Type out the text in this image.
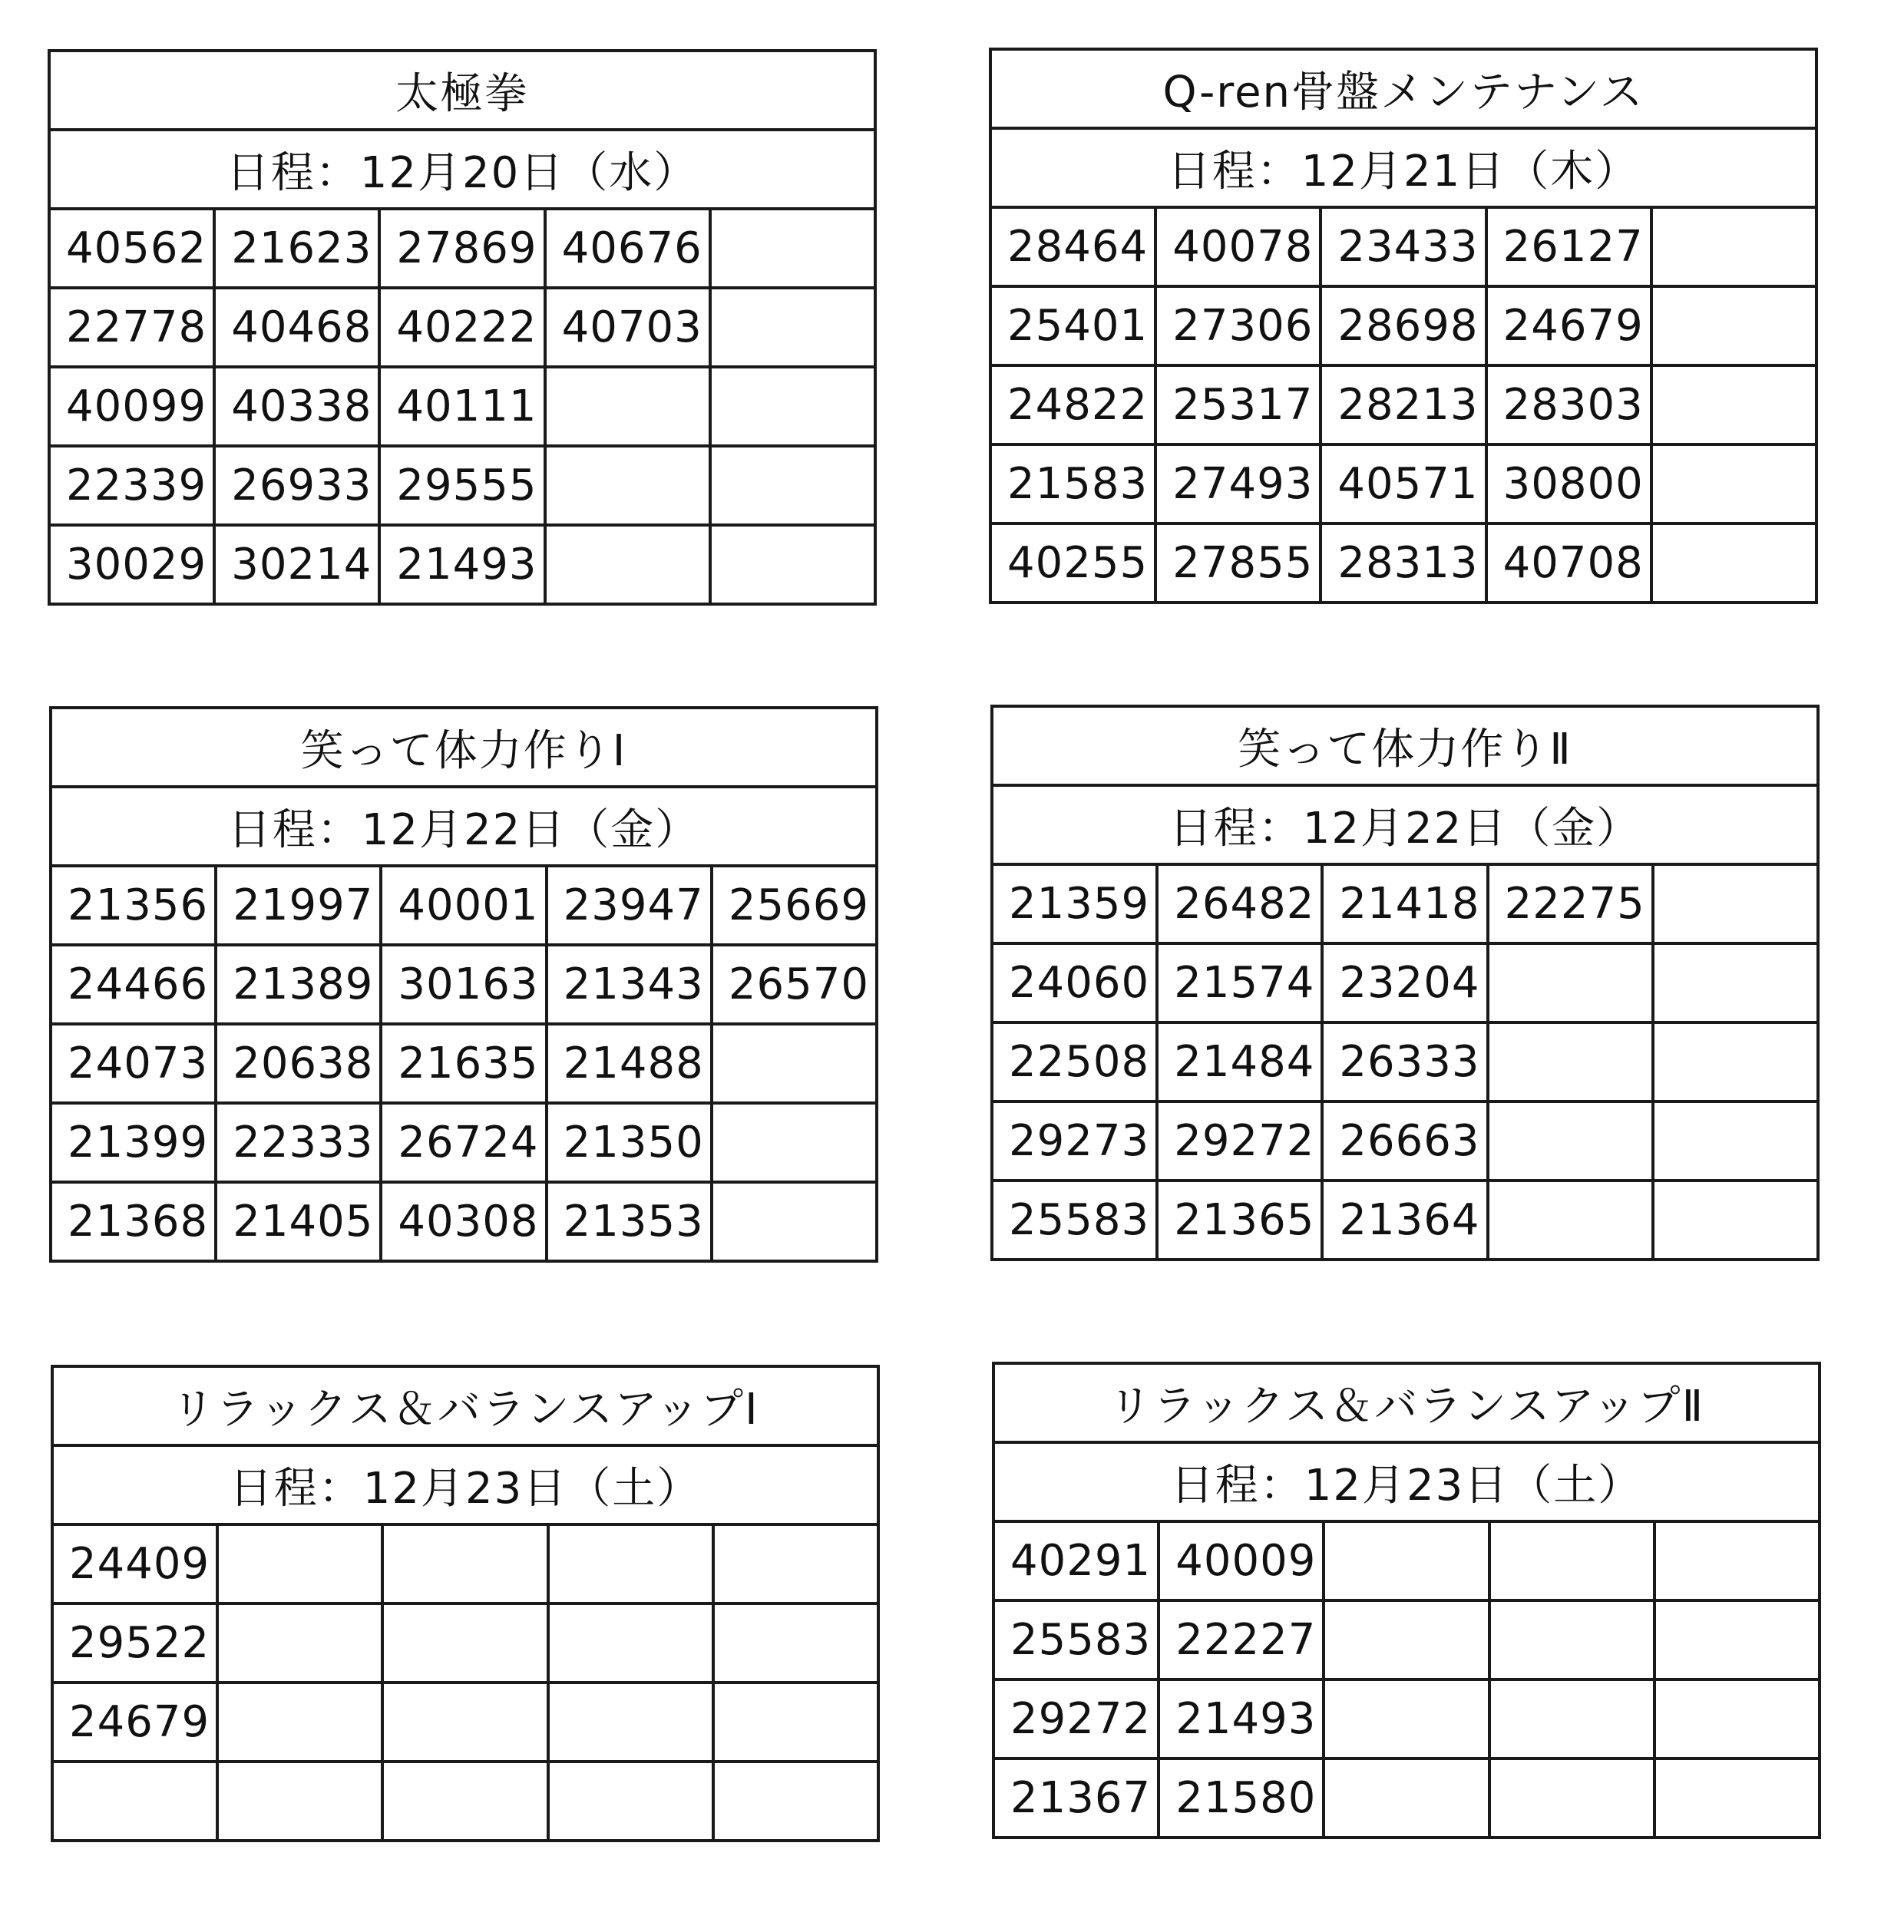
太極拳				
日程：12月20日（水）				
40562	21623	27869	40676	
22778	40468	40222	40703	
40099	40338	40111		
22339	26933	29555		
30029	30214	21493		
Q-ren骨盤メンテナンス				
日程：12月21日（木）				
28464	40078	23433	26127	
25401	27306	28698	24679	
24822	25317	28213	28303	
21583	27493	40571	30800	
40255	27855	28313	40708	
笑って体力作りⅠ				
日程：12月22日（金）				
21356	21997	40001	23947	25669
24466	21389	30163	21343	26570
24073	20638	21635	21488	
21399	22333	26724	21350	
21368	21405	40308	21353	
笑って体力作りⅡ				
日程：12月22日（金）				
21359	26482	21418	22275	
24060	21574	23204		
22508	21484	26333		
29273	29272	26663		
25583	21365	21364		
リラックス＆バランスアップⅠ				
日程：12月23日（土）				
24409				
29522				
24679				

リラックス＆バランスアップⅡ				
日程：12月23日（土）				
40291	40009			
25583	22227			
29272	21493			
21367	21580			
